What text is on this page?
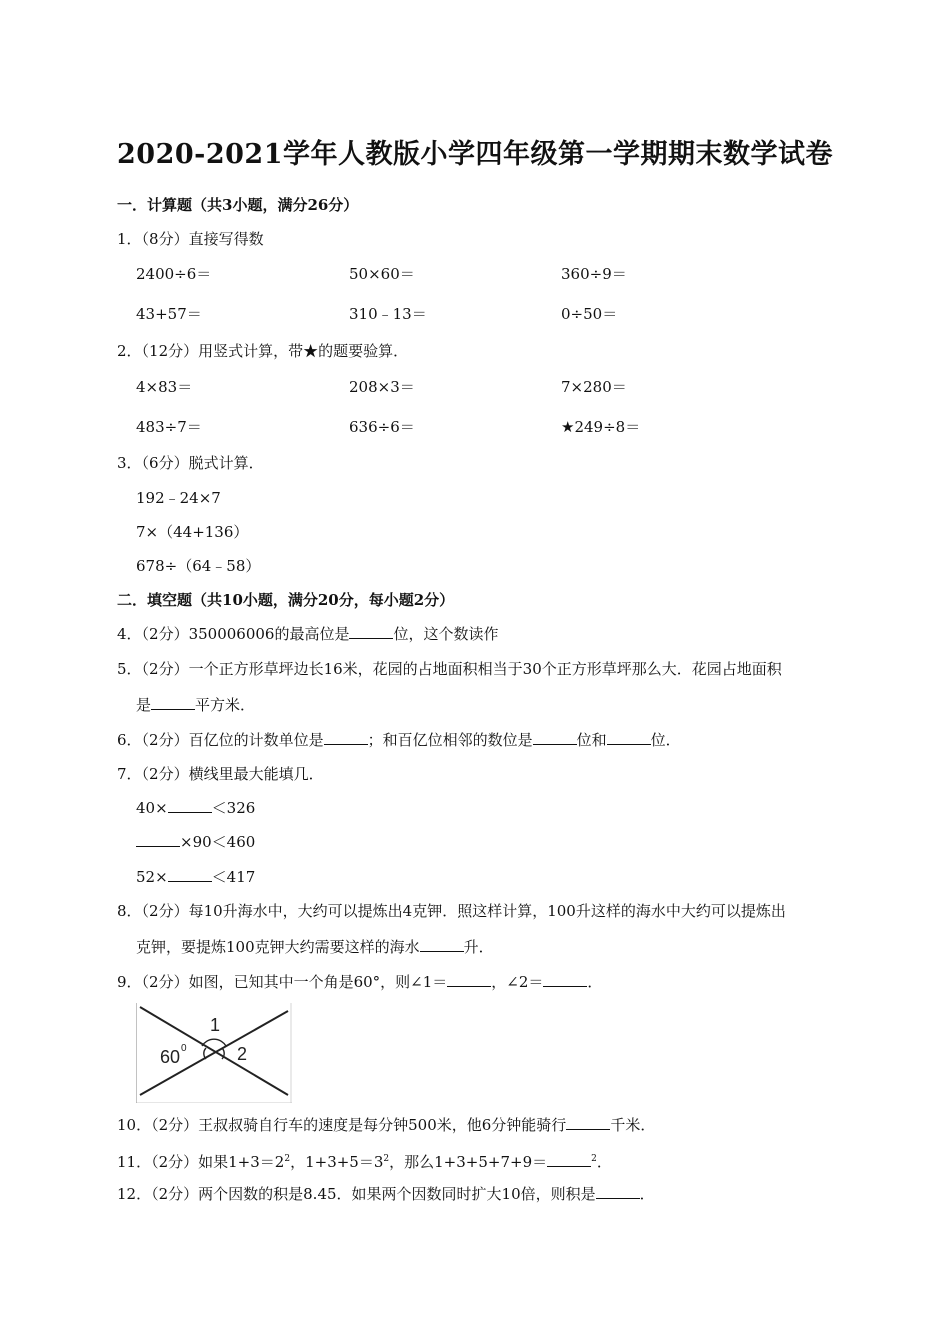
2020-2021学年人教版小学四年级第一学期期末数学试卷
一．计算题（共3小题，满分26分）
1．（8分）直接写得数
2400÷6＝	50×60＝	360÷9＝
43+57＝	310﹣13＝	0÷50＝
2．（12分）用竖式计算，带★的题要验算．
4×83＝	208×3＝	7×280＝
483÷7＝	636÷6＝	★249÷8＝
3．（6分）脱式计算．
192﹣24×7
7×（44+136）
678÷（64﹣58）
二．填空题（共10小题，满分20分，每小题2分）
4．（2分）350006006的最高位是	位，这个数读作
5．（2分）一个正方形草坪边长16米，花园的占地面积相当于30个正方形草坪那么大．花园占地面积
是	平方米．
6．（2分）百亿位的计数单位是	；和百亿位相邻的数位是	位和	位．
7．（2分）横线里最大能填几．
40×	＜326
×90＜460
52×	＜417
8．（2分）每10升海水中，大约可以提炼出4克钾．照这样计算，100升这样的海水中大约可以提炼出
克钾，要提炼100克钾大约需要这样的海水	升．
9．（2分）如图，已知其中一个角是60°，则∠1＝	，∠2＝	．
1
60 0	2
10．（2分）王叔叔骑自行车的速度是每分钟500米，他6分钟能骑行	千米．
11．（2分）如果$1+3=2^2$，$1+3+5=3^2$，那么1+3+5+7+9＝	$^2$．
12．（2分）两个因数的积是8.45．如果两个因数同时扩大10倍，则积是	．
